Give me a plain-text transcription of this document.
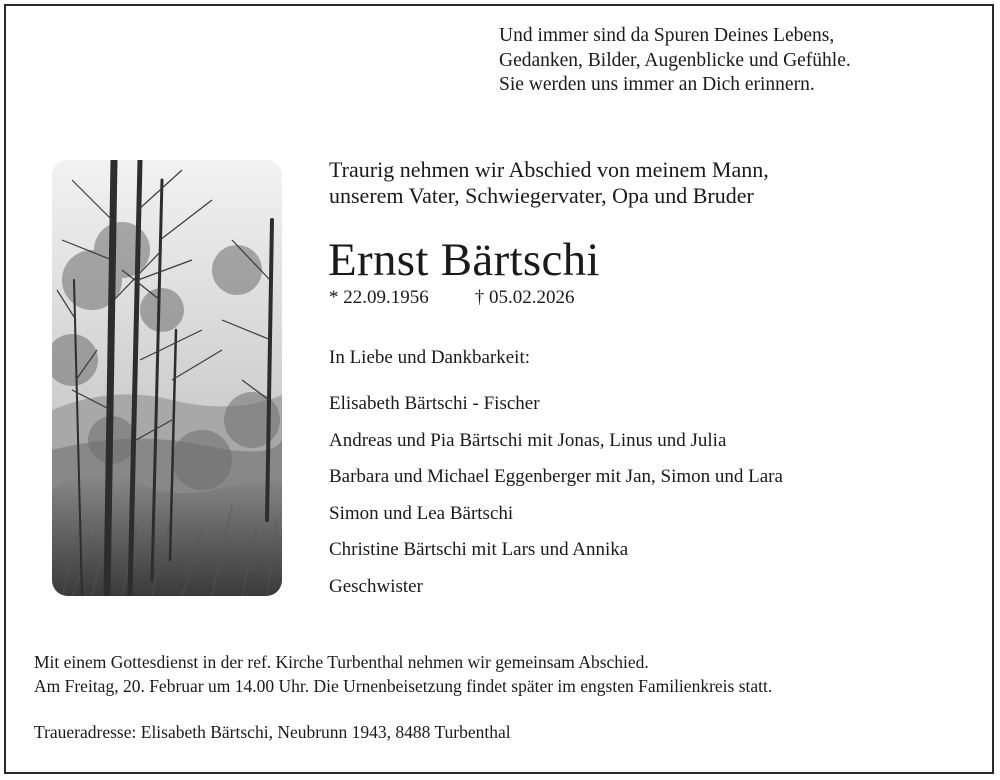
Und immer sind da Spuren Deines Lebens,
Gedanken, Bilder, Augenblicke und Gefühle.
Sie werden uns immer an Dich erinnern.
Traurig nehmen wir Abschied von meinem Mann,
unserem Vater, Schwiegervater, Opa und Bruder
Ernst Bärtschi
* 22.09.1956 † 05.02.2026
In Liebe und Dankbarkeit:
Elisabeth Bärtschi - Fischer
Andreas und Pia Bärtschi mit Jonas, Linus und Julia
Barbara und Michael Eggenberger mit Jan, Simon und Lara
Simon und Lea Bärtschi
Christine Bärtschi mit Lars und Annika
Geschwister
Mit einem Gottesdienst in der ref. Kirche Turbenthal nehmen wir gemeinsam Abschied.
Am Freitag, 20. Februar um 14.00 Uhr. Die Urnenbeisetzung findet später im engsten Familienkreis statt.
Traueradresse: Elisabeth Bärtschi, Neubrunn 1943, 8488 Turbenthal
